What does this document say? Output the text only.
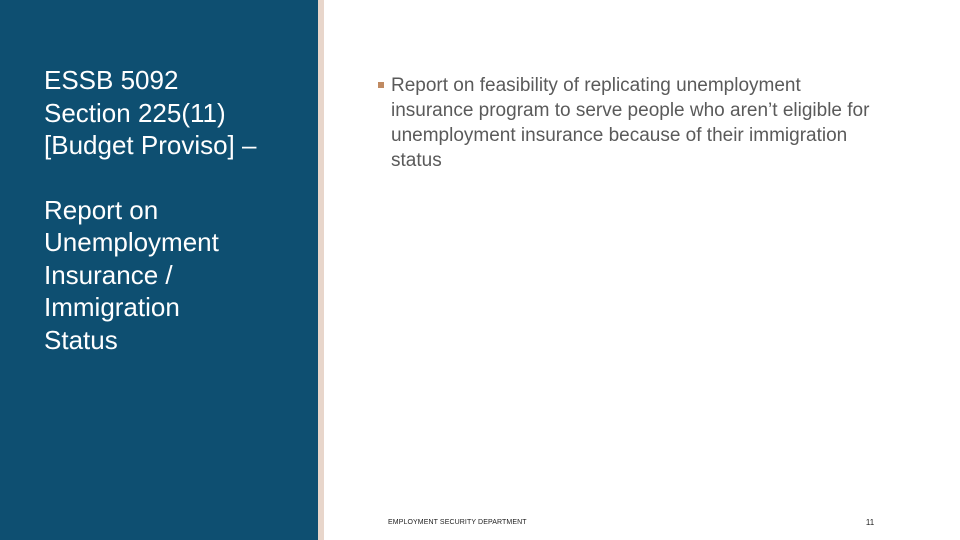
ESSB 5092
Section 225(11)
[Budget Proviso] –
Report on
Unemployment
Insurance /
Immigration
Status
Report on feasibility of replicating unemployment insurance program to serve people who aren’t eligible for unemployment insurance because of their immigration status
EMPLOYMENT SECURITY DEPARTMENT	11
